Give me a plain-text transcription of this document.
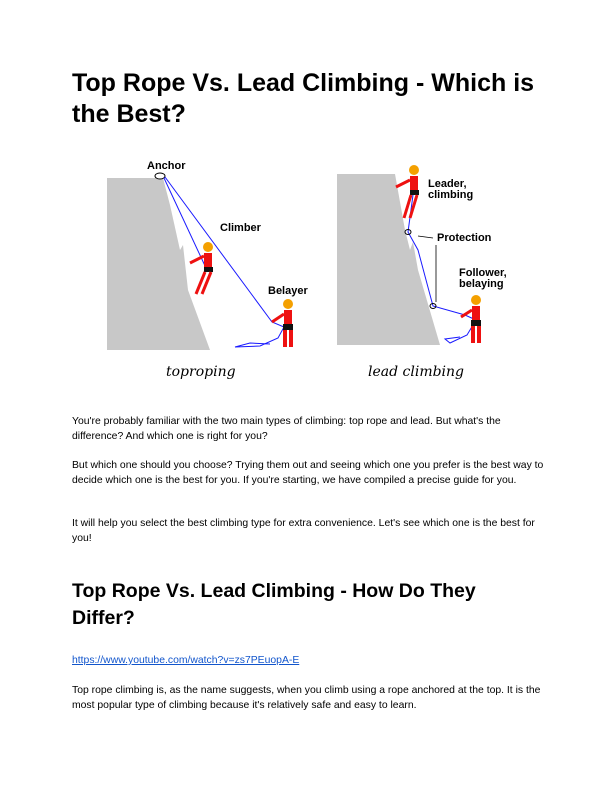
Top Rope Vs. Lead Climbing - Which is the Best?
Anchor
Climber
Belayer
toproping
Leader,
climbing
Protection
Follower,
belaying
lead climbing

You're probably familiar with the two main types of climbing: top rope and lead. But what's the difference? And which one is right for you?

But which one should you choose? Trying them out and seeing which one you prefer is the best way to decide which one is the best for you. If you're starting, we have compiled a precise guide for you.

It will help you select the best climbing type for extra convenience. Let's see which one is the best for you!

Top Rope Vs. Lead Climbing - How Do They Differ?

https://www.youtube.com/watch?v=zs7PEuopA-E

Top rope climbing is, as the name suggests, when you climb using a rope anchored at the top. It is the most popular type of climbing because it's relatively safe and easy to learn.
